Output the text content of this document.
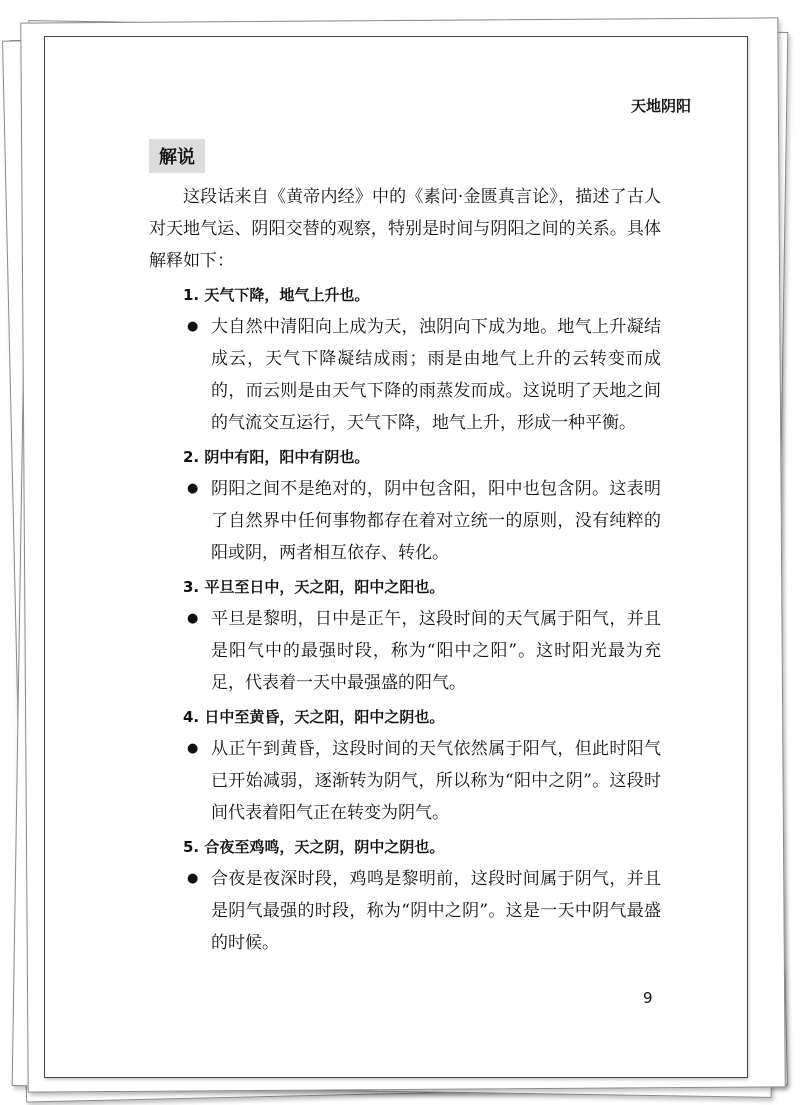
天地阴阳
解说

这段话来自《黄帝内经》中的《素问·金匮真言论》，描述了古人对天地气运、阴阳交替的观察，特别是时间与阴阳之间的关系。具体解释如下：

1. 天气下降，地气上升也。

● 大自然中清阳向上成为天，浊阴向下成为地。地气上升凝结成云，天气下降凝结成雨；雨是由地气上升的云转变而成的，而云则是由天气下降的雨蒸发而成。这说明了天地之间的气流交互运行，天气下降，地气上升，形成一种平衡。

2. 阴中有阳，阳中有阴也。

● 阴阳之间不是绝对的，阴中包含阳，阳中也包含阴。这表明了自然界中任何事物都存在着对立统一的原则，没有纯粹的阳或阴，两者相互依存、转化。

3. 平旦至日中，天之阳，阳中之阳也。

● 平旦是黎明，日中是正午，这段时间的天气属于阳气，并且是阳气中的最强时段，称为“阳中之阳”。这时阳光最为充足，代表着一天中最强盛的阳气。

4. 日中至黄昏，天之阳，阳中之阴也。

● 从正午到黄昏，这段时间的天气依然属于阳气，但此时阳气已开始减弱，逐渐转为阴气，所以称为“阳中之阴”。这段时间代表着阳气正在转变为阴气。

5. 合夜至鸡鸣，天之阴，阴中之阴也。

● 合夜是夜深时段，鸡鸣是黎明前，这段时间属于阴气，并且是阴气最强的时段，称为“阴中之阴”。这是一天中阴气最盛的时候。

9
